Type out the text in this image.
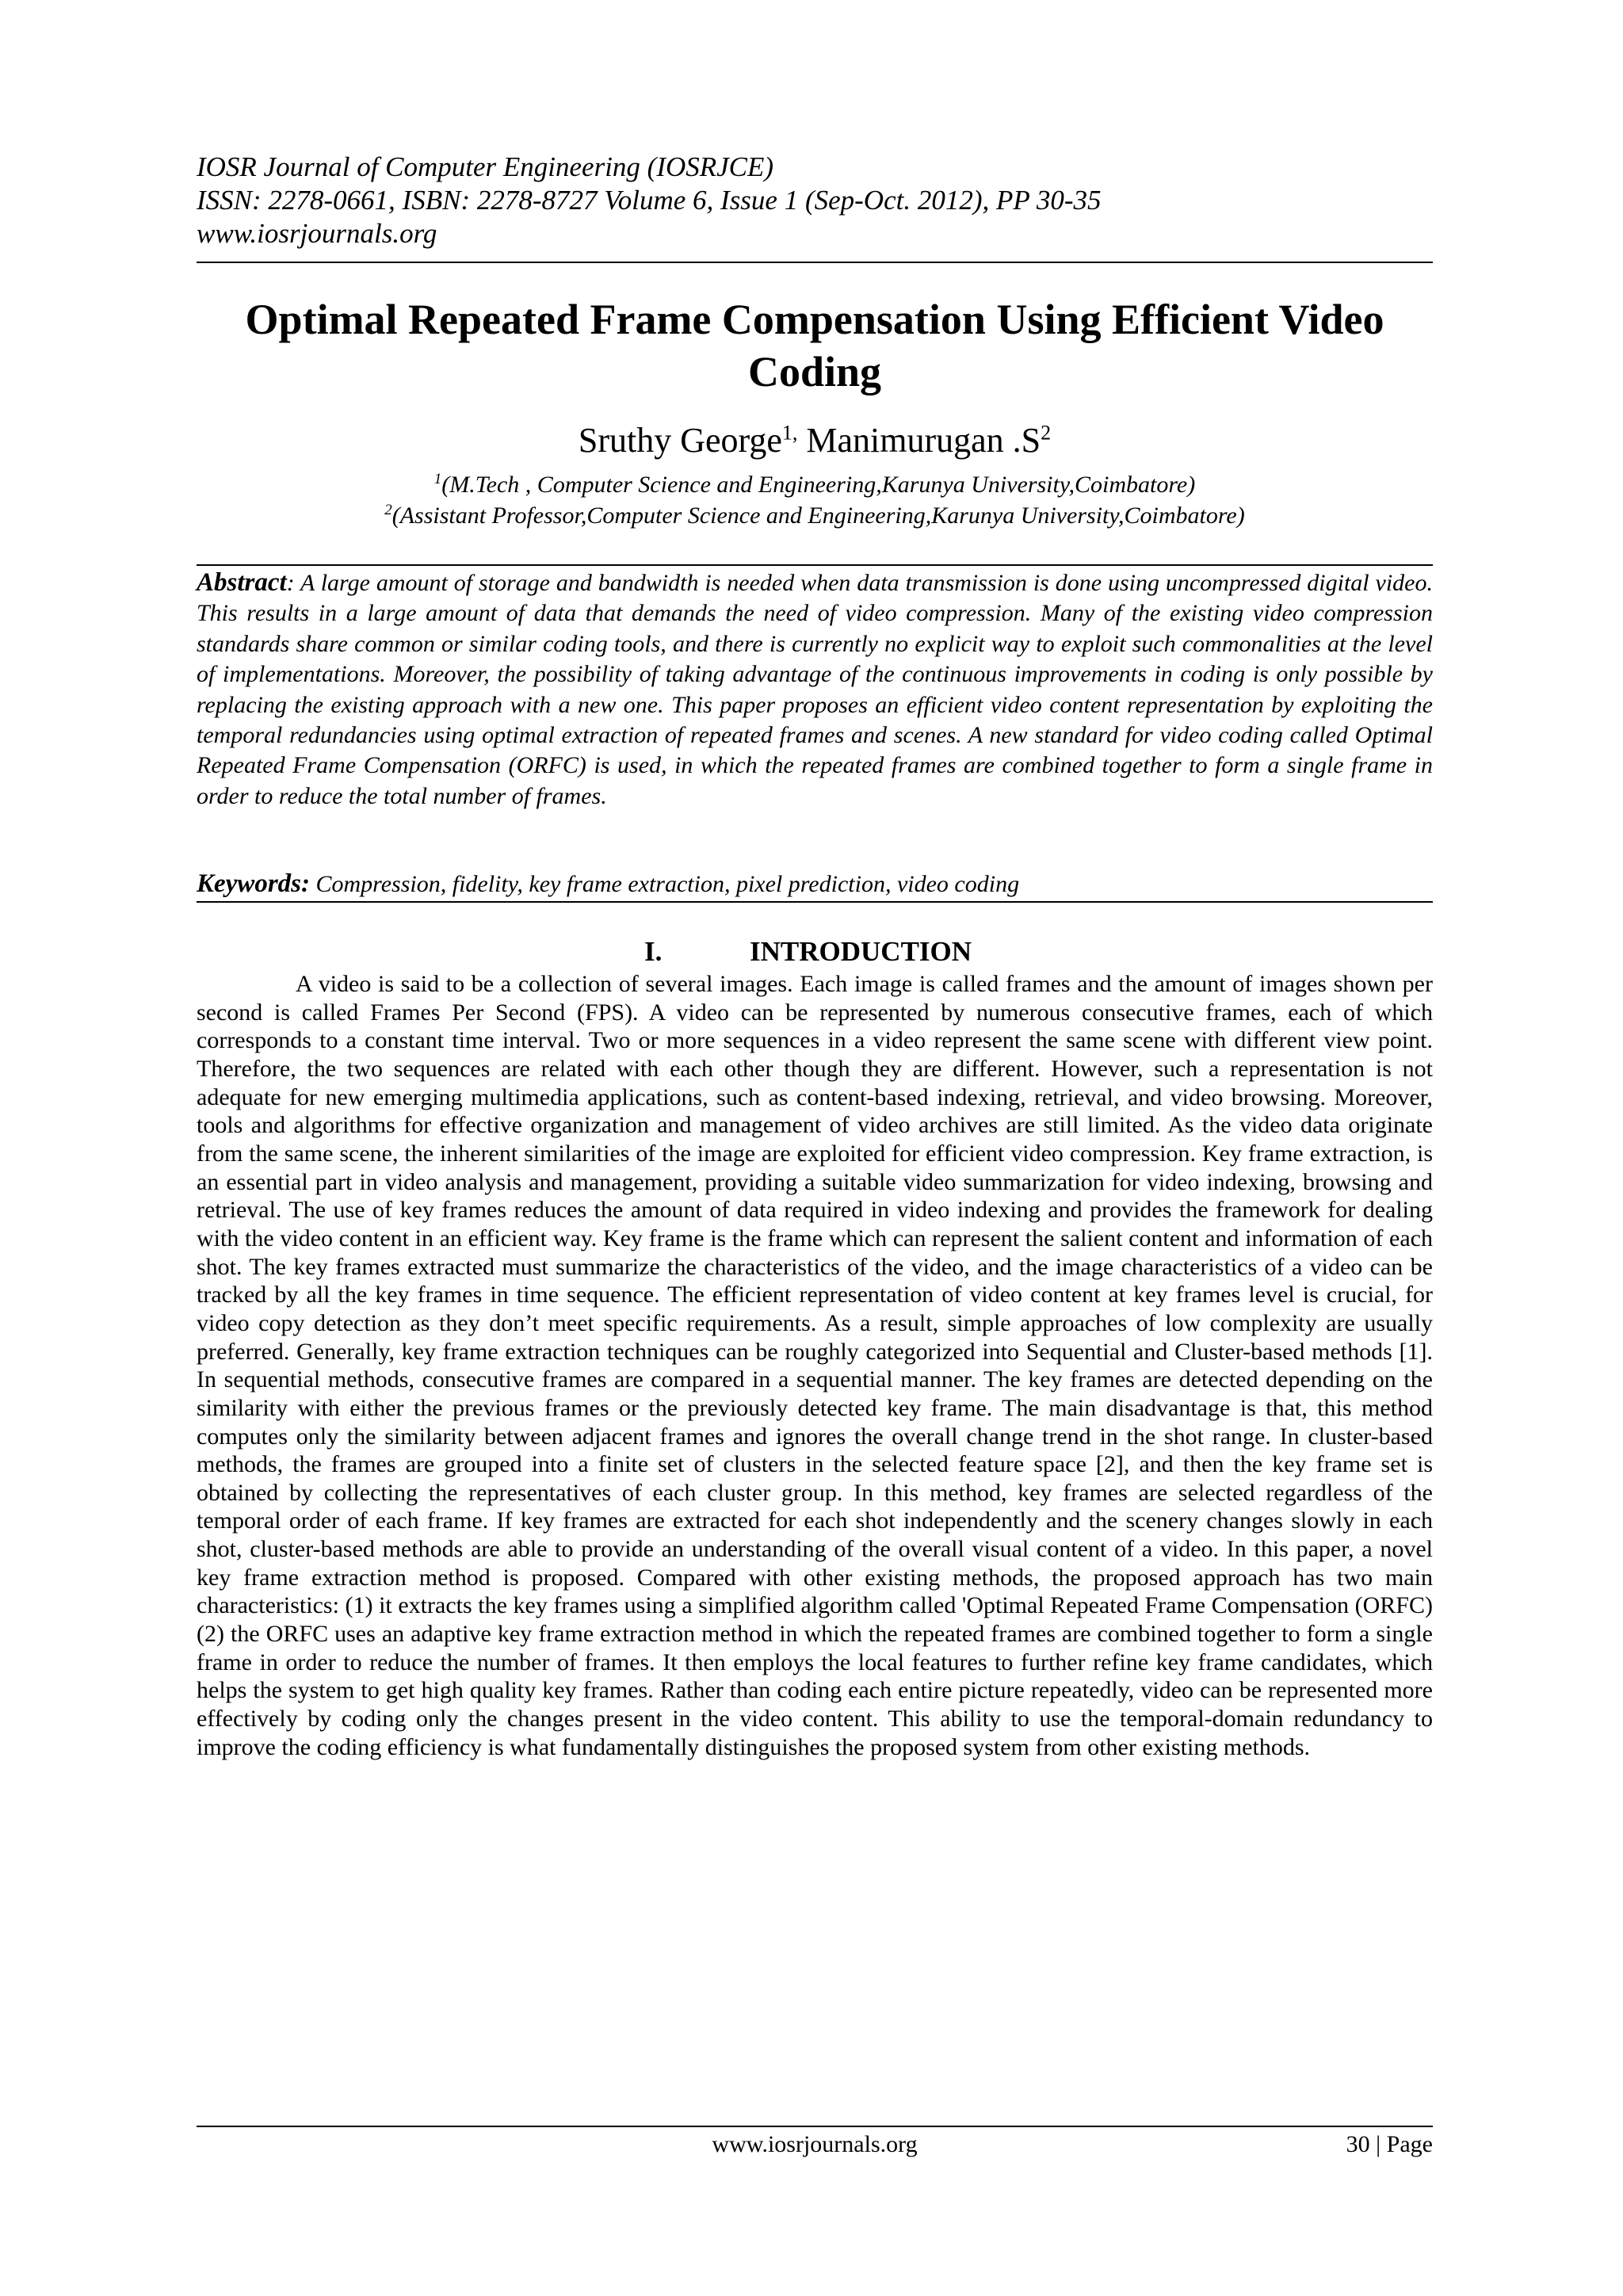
IOSR Journal of Computer Engineering (IOSRJCE)
ISSN: 2278-0661, ISBN: 2278-8727 Volume 6, Issue 1 (Sep-Oct. 2012), PP 30-35
www.iosrjournals.org
Optimal Repeated Frame Compensation Using Efficient Video Coding
Sruthy George$^{1,}$ Manimurugan $.S^2$
$^1$(M.Tech , Computer Science and Engineering,Karunya University,Coimbatore)
$^2$(Assistant Professor,Computer Science and Engineering,Karunya University,Coimbatore)
Abstract: A large amount of storage and bandwidth is needed when data transmission is done using uncompressed digital video. This results in a large amount of data that demands the need of video compression. Many of the existing video compression standards share common or similar coding tools, and there is currently no explicit way to exploit such commonalities at the level of implementations. Moreover, the possibility of taking advantage of the continuous improvements in coding is only possible by replacing the existing approach with a new one. This paper proposes an efficient video content representation by exploiting the temporal redundancies using optimal extraction of repeated frames and scenes. A new standard for video coding called Optimal Repeated Frame Compensation (ORFC) is used, in which the repeated frames are combined together to form a single frame in order to reduce the total number of frames.
Keywords: Compression, fidelity, key frame extraction, pixel prediction, video coding
I.	INTRODUCTION
A video is said to be a collection of several images. Each image is called frames and the amount of images shown per second is called Frames Per Second (FPS). A video can be represented by numerous consecutive frames, each of which corresponds to a constant time interval. Two or more sequences in a video represent the same scene with different view point. Therefore, the two sequences are related with each other though they are different. However, such a representation is not adequate for new emerging multimedia applications, such as content-based indexing, retrieval, and video browsing. Moreover, tools and algorithms for effective organization and management of video archives are still limited. As the video data originate from the same scene, the inherent similarities of the image are exploited for efficient video compression. Key frame extraction, is an essential part in video analysis and management, providing a suitable video summarization for video indexing, browsing and retrieval. The use of key frames reduces the amount of data required in video indexing and provides the framework for dealing with the video content in an efficient way. Key frame is the frame which can represent the salient content and information of each shot. The key frames extracted must summarize the characteristics of the video, and the image characteristics of a video can be tracked by all the key frames in time sequence. The efficient representation of video content at key frames level is crucial, for video copy detection as they don’t meet specific requirements. As a result, simple approaches of low complexity are usually preferred. Generally, key frame extraction techniques can be roughly categorized into Sequential and Cluster-based methods [1]. In sequential methods, consecutive frames are compared in a sequential manner. The key frames are detected depending on the similarity with either the previous frames or the previously detected key frame. The main disadvantage is that, this method computes only the similarity between adjacent frames and ignores the overall change trend in the shot range. In cluster-based methods, the frames are grouped into a finite set of clusters in the selected feature space [2], and then the key frame set is obtained by collecting the representatives of each cluster group. In this method, key frames are selected regardless of the temporal order of each frame. If key frames are extracted for each shot independently and the scenery changes slowly in each shot, cluster-based methods are able to provide an understanding of the overall visual content of a video. In this paper, a novel key frame extraction method is proposed. Compared with other existing methods, the proposed approach has two main characteristics: (1) it extracts the key frames using a simplified algorithm called 'Optimal Repeated Frame Compensation (ORFC) (2) the ORFC uses an adaptive key frame extraction method in which the repeated frames are combined together to form a single frame in order to reduce the number of frames. It then employs the local features to further refine key frame candidates, which helps the system to get high quality key frames. Rather than coding each entire picture repeatedly, video can be represented more effectively by coding only the changes present in the video content. This ability to use the temporal-domain redundancy to improve the coding efficiency is what fundamentally distinguishes the proposed system from other existing methods.
www.iosrjournals.org	30 | Page
